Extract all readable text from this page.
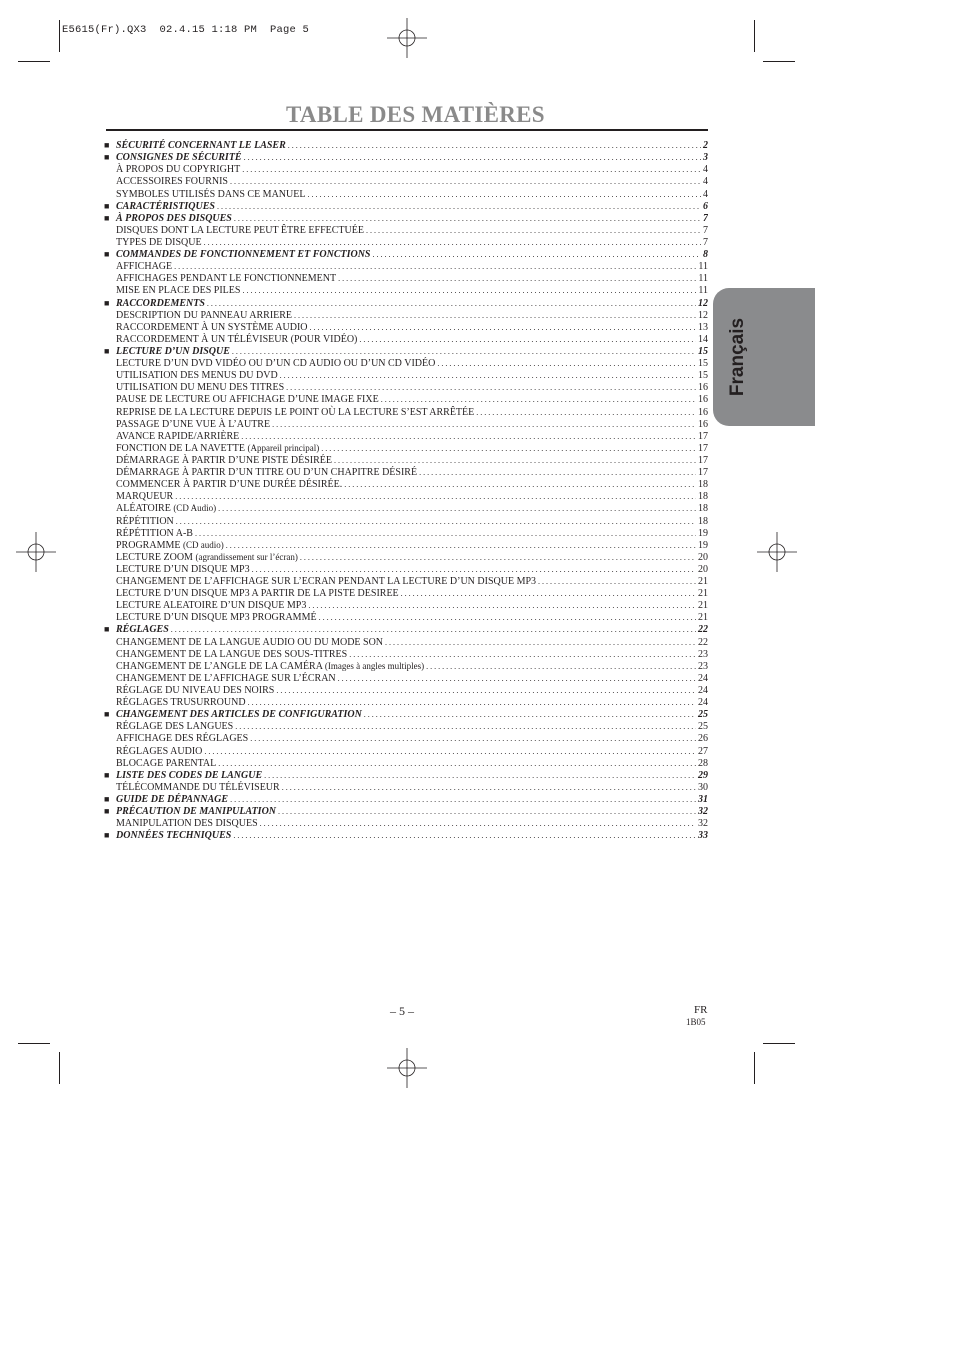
E5615(Fr).QX3  02.4.15 1:18 PM  Page 5
TABLE DES MATIÈRES
■ SÉCURITÉ CONCERNANT LE LASER . . .	2
■ CONSIGNES DE SÉCURITÉ . . .	3
À PROPOS DU COPYRIGHT . . .	4
ACCESSOIRES FOURNIS . . .	4
SYMBOLES UTILISÉS DANS CE MANUEL . . .	4
■ CARACTÉRISTIQUES . . .	6
■ À PROPOS DES DISQUES . . .	7
DISQUES DONT LA LECTURE PEUT ÊTRE EFFECTUÉE . . .	7
TYPES DE DISQUE . . .	7
■ COMMANDES DE FONCTIONNEMENT ET FONCTIONS . . .	8
AFFICHAGE . . .	11
AFFICHAGES PENDANT LE FONCTIONNEMENT . . .	11
MISE EN PLACE DES PILES . . .	11
■ RACCORDEMENTS . . .	12
DESCRIPTION DU PANNEAU ARRIERE . . .	12
RACCORDEMENT À UN SYSTÈME AUDIO . . .	13
RACCORDEMENT À UN TÉLÉVISEUR (POUR VIDÉO) . . .	14
■ LECTURE D’UN DISQUE . . .	15
LECTURE D’UN DVD VIDÉO OU D’UN CD AUDIO OU D’UN CD VIDÉO . . .	15
UTILISATION DES MENUS DU DVD . . .	15
UTILISATION DU MENU DES TITRES . . .	16
PAUSE DE LECTURE OU AFFICHAGE D’UNE IMAGE FIXE . . .	16
REPRISE DE LA LECTURE DEPUIS LE POINT OÙ LA LECTURE S’EST ARRÊTÉE . . .	16
PASSAGE D’UNE VUE À L’AUTRE . . .	16
AVANCE RAPIDE/ARRIÈRE . . .	17
FONCTION DE LA NAVETTE (Appareil principal) . . .	17
DÉMARRAGE À PARTIR D’UNE PISTE DÉSIRÉE . . .	17
DÉMARRAGE À PARTIR D’UN TITRE OU D’UN CHAPITRE DÉSIRÉ . . .	17
COMMENCER À PARTIR D’UNE DURÉE DÉSIRÉE. . . .	18
MARQUEUR . . .	18
ALÉATOIRE (CD Audio) . . .	18
RÉPÉTITION . . .	18
RÉPÉTITION A-B . . .	19
PROGRAMME (CD audio) . . .	19
LECTURE ZOOM (agrandissement sur l’écran) . . .	20
LECTURE D’UN DISQUE MP3 . . .	20
CHANGEMENT DE L’AFFICHAGE SUR L’ECRAN PENDANT LA LECTURE D’UN DISQUE MP3 . . .	21
LECTURE D’UN DISQUE MP3 A PARTIR DE LA PISTE DESIREE . . .	21
LECTURE ALEATOIRE D’UN DISQUE MP3 . . .	21
LECTURE D’UN DISQUE MP3 PROGRAMMÉ . . .	21
■ RÉGLAGES . . .	22
CHANGEMENT DE LA LANGUE AUDIO OU DU MODE SON . . .	22
CHANGEMENT DE LA LANGUE DES SOUS-TITRES . . .	23
CHANGEMENT DE L’ANGLE DE LA CAMÉRA (Images à angles multiples) . . .	23
CHANGEMENT DE L’AFFICHAGE SUR L’ÉCRAN . . .	24
RÉGLAGE DU NIVEAU DES NOIRS . . .	24
RÉGLAGES TRUSURROUND . . .	24
■ CHANGEMENT DES ARTICLES DE CONFIGURATION . . .	25
RÉGLAGE DES LANGUES . . .	25
AFFICHAGE DES RÉGLAGES . . .	26
RÉGLAGES AUDIO . . .	27
BLOCAGE PARENTAL . . .	28
■ LISTE DES CODES DE LANGUE . . .	29
TÉLÉCOMMANDE DU TÉLÉVISEUR . . .	30
■ GUIDE DE DÉPANNAGE . . .	31
■ PRÉCAUTION DE MANIPULATION . . .	32
MANIPULATION DES DISQUES . . .	32
■ DONNÉES TECHNIQUES . . .	33
Français
– 5 –	FR
1B05
